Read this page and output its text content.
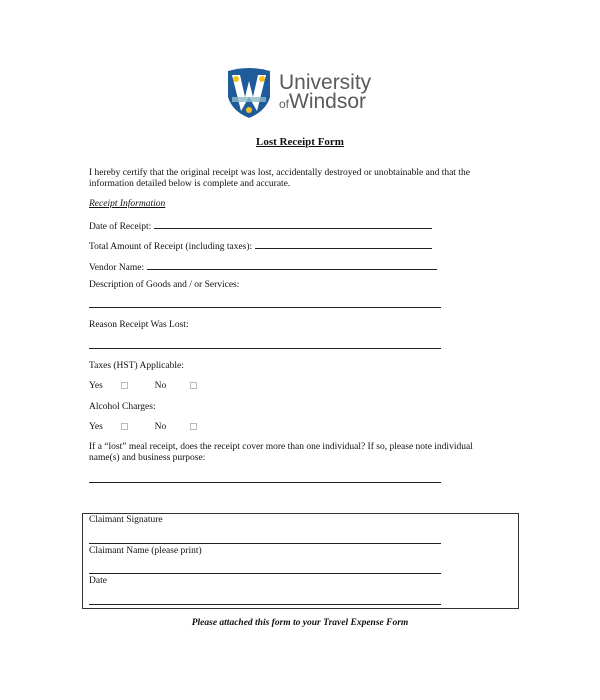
University
ofWindsor
Lost Receipt Form
I hereby certify that the original receipt was lost, accidentally destroyed or unobtainable and that the
information detailed below is complete and accurate.
Receipt Information
Date of Receipt:
Total Amount of Receipt (including taxes):
Vendor Name:
Description of Goods and / or Services:
Reason Receipt Was Lost:
Taxes (HST) Applicable:
Yes	No
Alcohol Charges:
Yes	No
If a “lost” meal receipt, does the receipt cover more than one individual? If so, please note individual
name(s) and business purpose:
Claimant Signature
Claimant Name (please print)
Date
Please attached this form to your Travel Expense Form
